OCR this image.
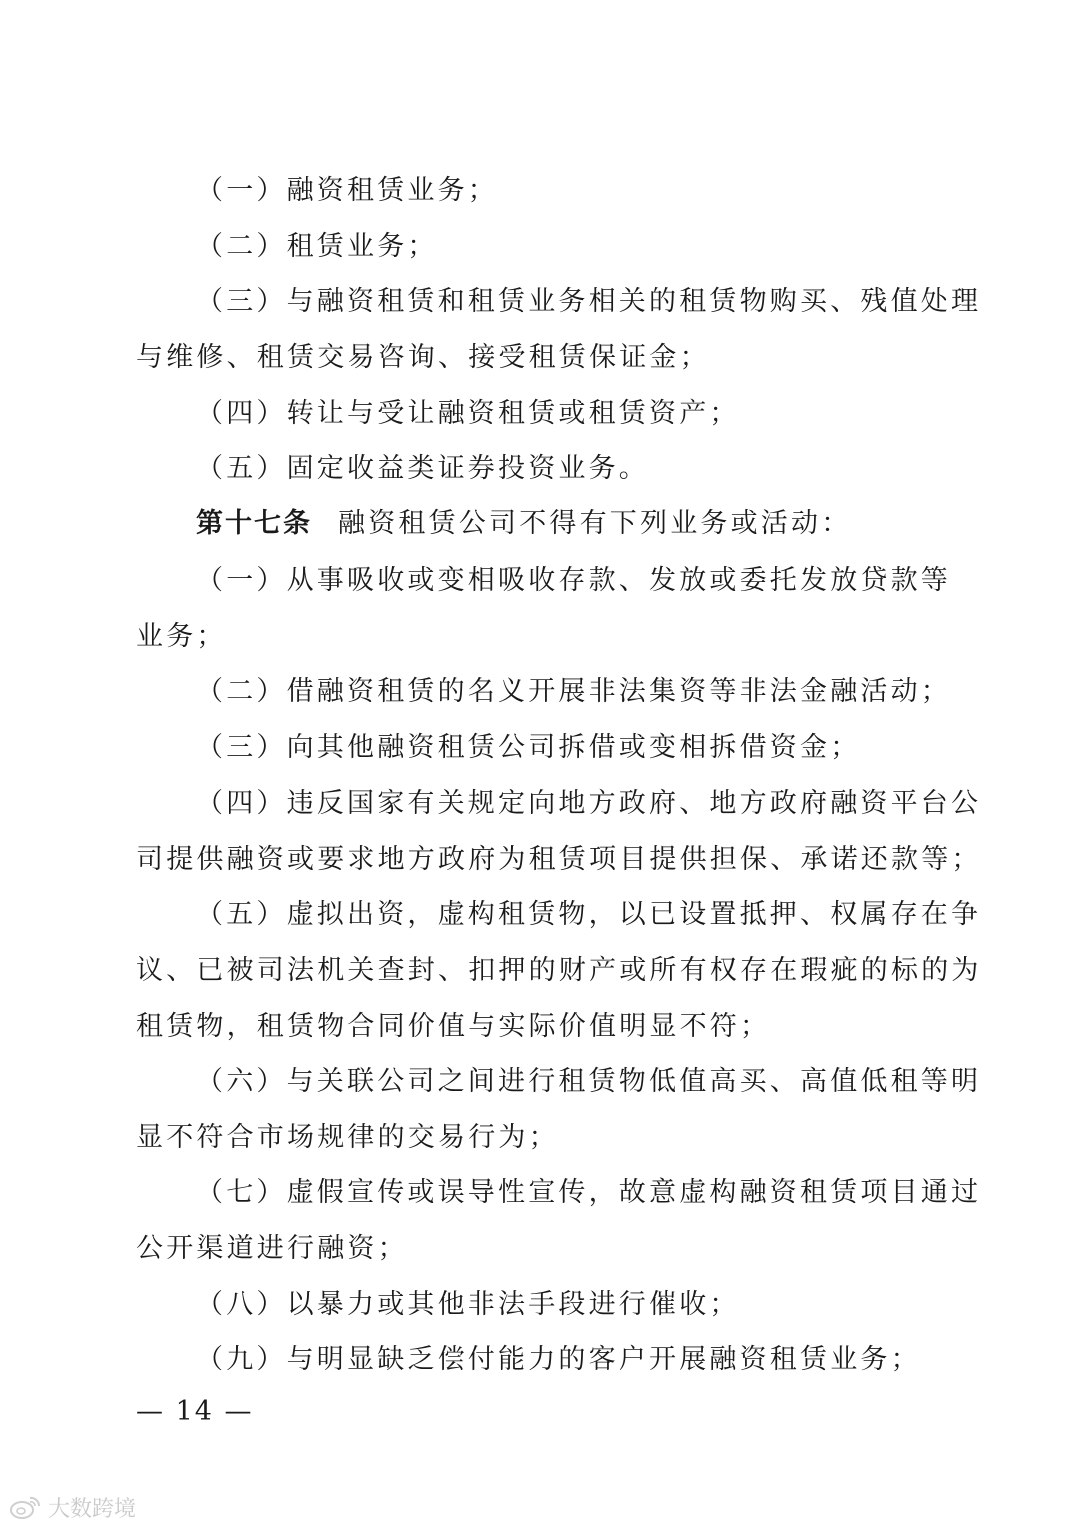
（一）融资租赁业务；
（二）租赁业务；
（三）与融资租赁和租赁业务相关的租赁物购买、残值处理
与维修、租赁交易咨询、接受租赁保证金；
（四）转让与受让融资租赁或租赁资产；
（五）固定收益类证券投资业务。
第十七条 融资租赁公司不得有下列业务或活动：
（一）从事吸收或变相吸收存款、发放或委托发放贷款等
业务；
（二）借融资租赁的名义开展非法集资等非法金融活动；
（三）向其他融资租赁公司拆借或变相拆借资金；
（四）违反国家有关规定向地方政府、地方政府融资平台公
司提供融资或要求地方政府为租赁项目提供担保、承诺还款等；
（五）虚拟出资，虚构租赁物，以已设置抵押、权属存在争
议、已被司法机关查封、扣押的财产或所有权存在瑕疵的标的为
租赁物，租赁物合同价值与实际价值明显不符；
（六）与关联公司之间进行租赁物低值高买、高值低租等明
显不符合市场规律的交易行为；
（七）虚假宣传或误导性宣传，故意虚构融资租赁项目通过
公开渠道进行融资；
（八）以暴力或其他非法手段进行催收；
（九）与明显缺乏偿付能力的客户开展融资租赁业务；
— 14 —
大数跨境
